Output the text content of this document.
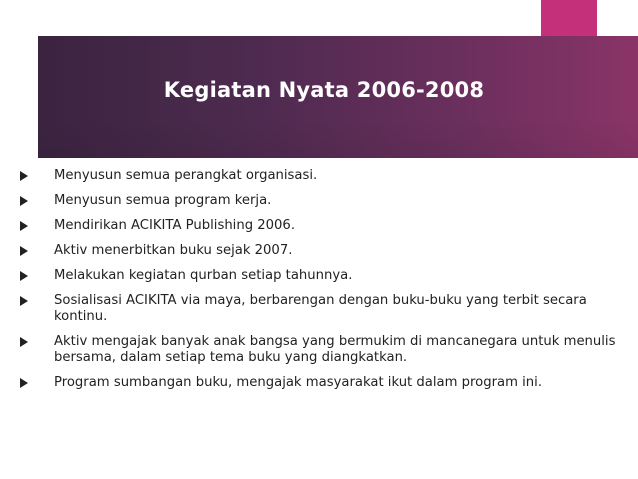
Kegiatan Nyata 2006-2008
Menyusun semua perangkat organisasi.
Menyusun semua program kerja.
Mendirikan ACIKITA Publishing 2006.
Aktiv menerbitkan buku sejak 2007.
Melakukan kegiatan qurban setiap tahunnya.
Sosialisasi ACIKITA via maya, berbarengan dengan buku-buku yang terbit secara kontinu.
Aktiv mengajak banyak anak bangsa yang bermukim di mancanegara untuk menulis bersama, dalam setiap tema buku yang diangkatkan.
Program sumbangan buku, mengajak masyarakat ikut dalam program ini.
